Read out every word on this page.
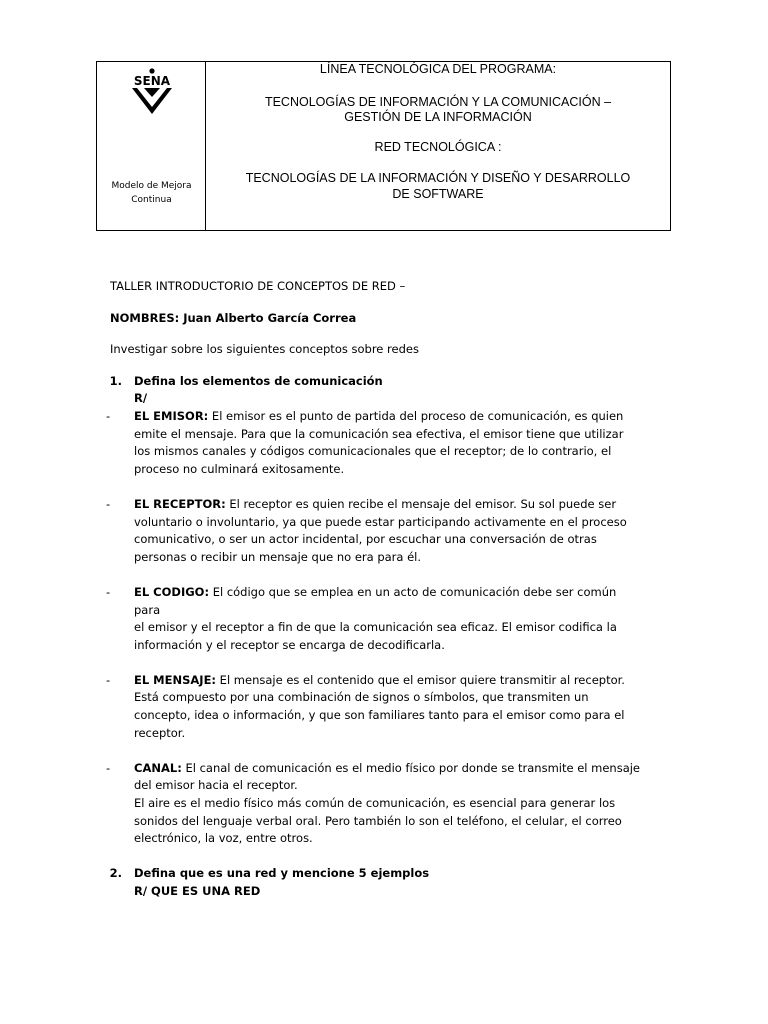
SENA
Modelo de Mejora
Continua
LÍNEA TECNOLÓGICA DEL PROGRAMA:
TECNOLOGÍAS DE INFORMACIÓN Y LA COMUNICACIÓN –
GESTIÓN DE LA INFORMACIÓN
RED TECNOLÓGICA :
TECNOLOGÍAS DE LA INFORMACIÓN Y DISEÑO Y DESARROLLO
DE SOFTWARE
TALLER INTRODUCTORIO DE CONCEPTOS DE RED –
NOMBRES: Juan Alberto García Correa
Investigar sobre los siguientes conceptos sobre redes
1.	Defina los elementos de comunicación
R/
-	EL EMISOR: El emisor es el punto de partida del proceso de comunicación, es quien
emite el mensaje. Para que la comunicación sea efectiva, el emisor tiene que utilizar
los mismos canales y códigos comunicacionales que el receptor; de lo contrario, el
proceso no culminará exitosamente.
-	EL RECEPTOR: El receptor es quien recibe el mensaje del emisor. Su sol puede ser
voluntario o involuntario, ya que puede estar participando activamente en el proceso
comunicativo, o ser un actor incidental, por escuchar una conversación de otras
personas o recibir un mensaje que no era para él.
-	EL CODIGO: El código que se emplea en un acto de comunicación debe ser común para
el emisor y el receptor a fin de que la comunicación sea eficaz. El emisor codifica la
información y el receptor se encarga de decodificarla.
-	EL MENSAJE: El mensaje es el contenido que el emisor quiere transmitir al receptor.
Está compuesto por una combinación de signos o símbolos, que transmiten un
concepto, idea o información, y que son familiares tanto para el emisor como para el
receptor.
-	CANAL: El canal de comunicación es el medio físico por donde se transmite el mensaje
del emisor hacia el receptor.
El aire es el medio físico más común de comunicación, es esencial para generar los
sonidos del lenguaje verbal oral. Pero también lo son el teléfono, el celular, el correo
electrónico, la voz, entre otros.
2.	Defina que es una red y mencione 5 ejemplos
R/ QUE ES UNA RED
